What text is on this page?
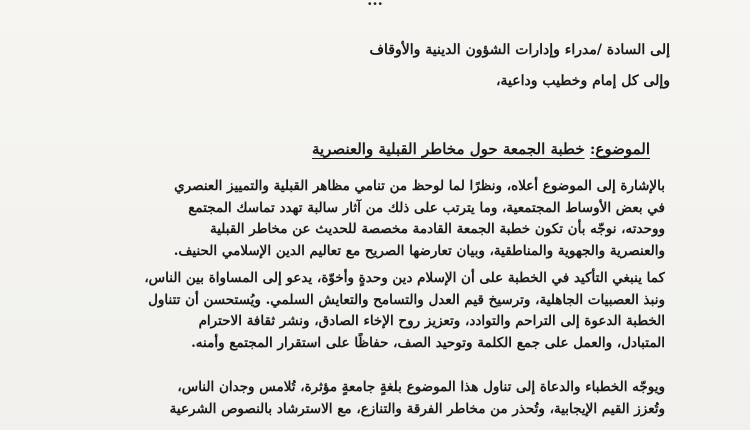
...
إلى السادة /مدراء وإدارات الشؤون الدينية والأوقاف
وإلى كل إمام وخطيب وداعية،
الموضوع: خطبة الجمعة حول مخاطر القبلية والعنصرية
بالإشارة إلى الموضوع أعلاه، ونظرًا لما لوحظ من تنامي مظاهر القبلية والتمييز العنصري
في بعض الأوساط المجتمعية، وما يترتب على ذلك من آثار سالبة تهدد تماسك المجتمع
ووحدته، نوجّه بأن تكون خطبة الجمعة القادمة مخصصة للحديث عن مخاطر القبلية
والعنصرية والجهوية والمناطقية، وبيان تعارضها الصريح مع تعاليم الدين الإسلامي الحنيف.
كما ينبغي التأكيد في الخطبة على أن الإسلام دين وحدةٍ وأخوّة، يدعو إلى المساواة بين الناس،
ونبذ العصبيات الجاهلية، وترسيخ قيم العدل والتسامح والتعايش السلمي. ويُستحسن أن تتناول
الخطبة الدعوة إلى التراحم والتوادد، وتعزيز روح الإخاء الصادق، ونشر ثقافة الاحترام
المتبادل، والعمل على جمع الكلمة وتوحيد الصف، حفاظًا على استقرار المجتمع وأمنه.
ويوجّه الخطباء والدعاة إلى تناول هذا الموضوع بلغةٍ جامعةٍ مؤثرة، تُلامس وجدان الناس،
وتُعزز القيم الإيجابية، وتُحذر من مخاطر الفرقة والتنازع، مع الاسترشاد بالنصوص الشرعية
